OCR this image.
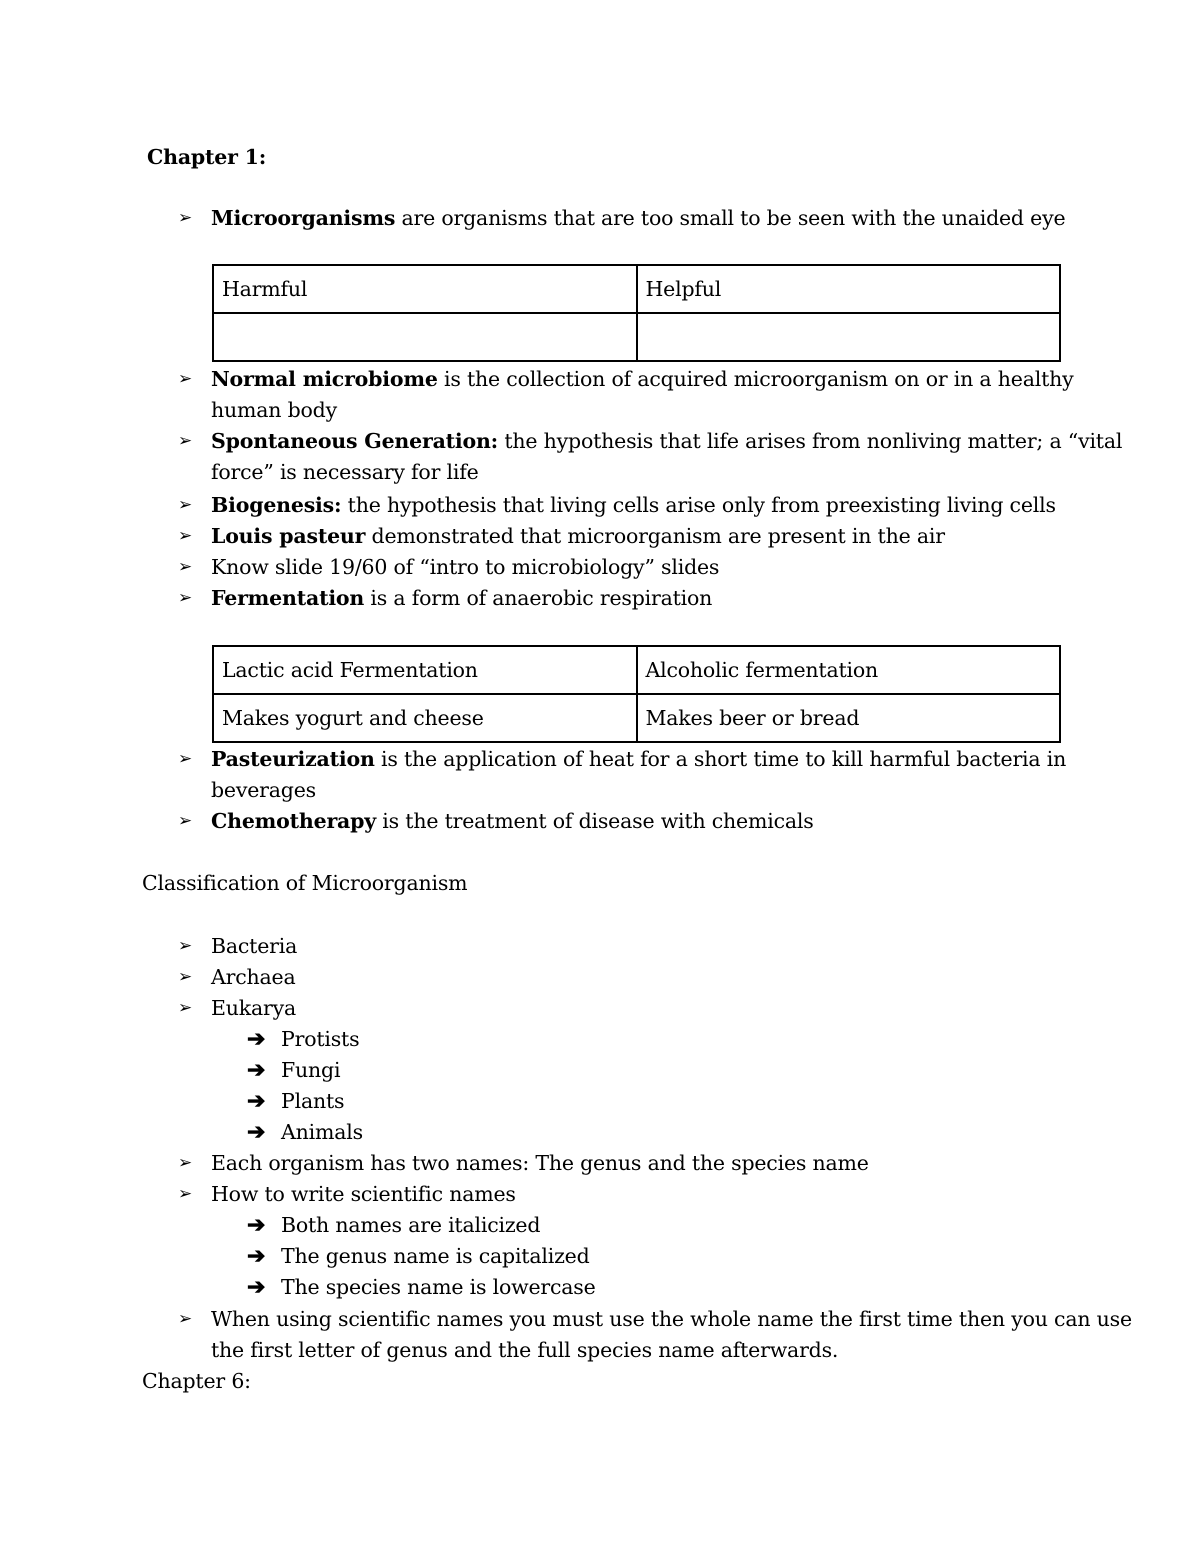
Chapter 1:
➢ Microorganisms are organisms that are too small to be seen with the unaided eye
Harmful	Helpful

➢ Normal microbiome is the collection of acquired microorganism on or in a healthy
human body
➢ Spontaneous Generation: the hypothesis that life arises from nonliving matter; a “vital
force” is necessary for life
➢ Biogenesis: the hypothesis that living cells arise only from preexisting living cells
➢ Louis pasteur demonstrated that microorganism are present in the air
➢ Know slide 19/60 of “intro to microbiology” slides
➢ Fermentation is a form of anaerobic respiration
Lactic acid Fermentation	Alcoholic fermentation
Makes yogurt and cheese	Makes beer or bread
➢ Pasteurization is the application of heat for a short time to kill harmful bacteria in
beverages
➢ Chemotherapy is the treatment of disease with chemicals
Classification of Microorganism
➢ Bacteria
➢ Archaea
➢ Eukarya
➔ Protists
➔ Fungi
➔ Plants
➔ Animals
➢ Each organism has two names: The genus and the species name
➢ How to write scientific names
➔ Both names are italicized
➔ The genus name is capitalized
➔ The species name is lowercase
➢ When using scientific names you must use the whole name the first time then you can use
the first letter of genus and the full species name afterwards.
Chapter 6:
